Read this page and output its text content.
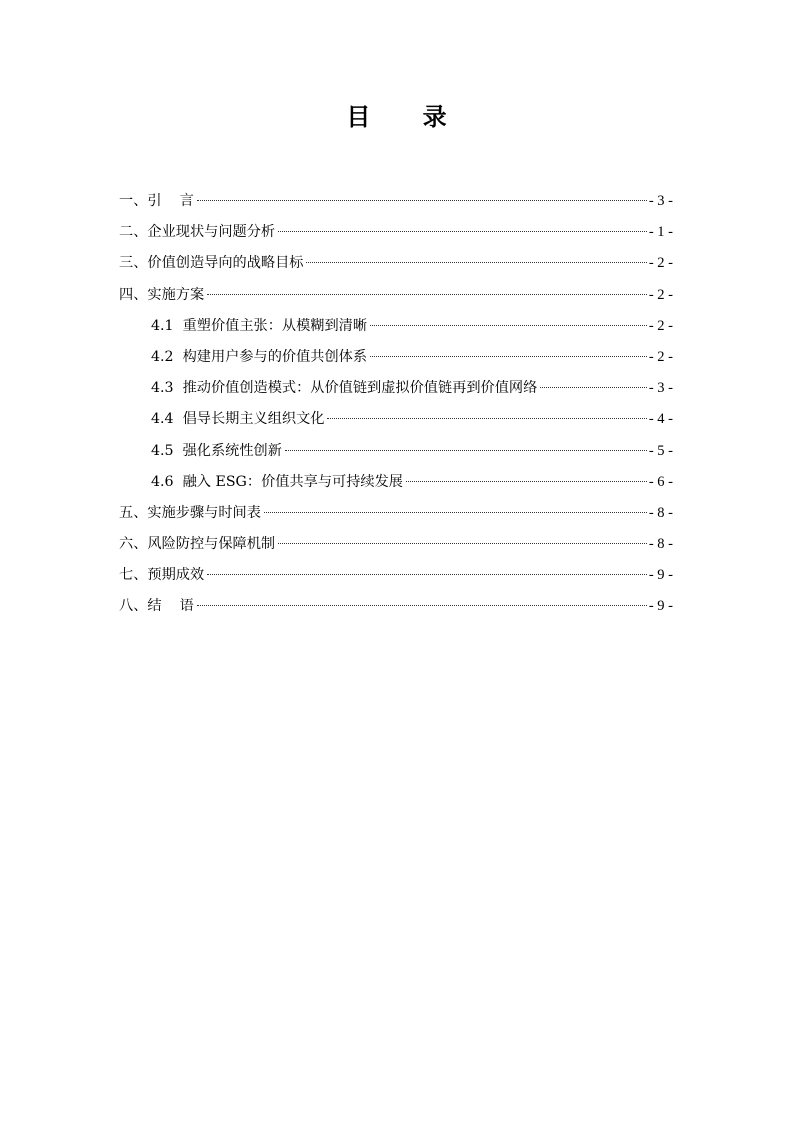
目 录
一、引    言	- 3 -
二、企业现状与问题分析	- 1 -
三、价值创造导向的战略目标	- 2 -
四、实施方案	- 2 -
4.1  重塑价值主张：从模糊到清晰	- 2 -
4.2  构建用户参与的价值共创体系	- 2 -
4.3  推动价值创造模式：从价值链到虚拟价值链再到价值网络	- 3 -
4.4  倡导长期主义组织文化	- 4 -
4.5  强化系统性创新	- 5 -
4.6  融入 ESG：价值共享与可持续发展	- 6 -
五、实施步骤与时间表	- 8 -
六、风险防控与保障机制	- 8 -
七、预期成效	- 9 -
八、结    语	- 9 -
